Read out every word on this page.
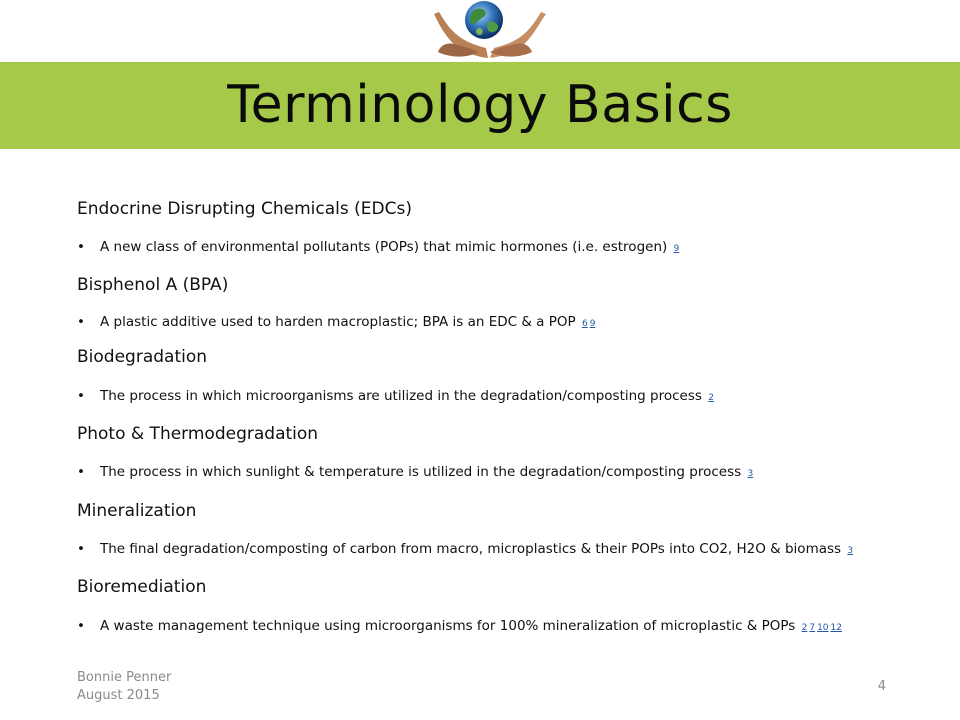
Terminology Basics
Endocrine Disrupting Chemicals (EDCs)
• A new class of environmental pollutants (POPs) that mimic hormones (i.e. estrogen) 9
Bisphenol A (BPA)
• A plastic additive used to harden macroplastic; BPA is an EDC & a POP 6 9
Biodegradation
• The process in which microorganisms are utilized in the degradation/composting process 2
Photo & Thermodegradation
• The process in which sunlight & temperature is utilized in the degradation/composting process 3
Mineralization
• The final degradation/composting of carbon from macro, microplastics & their POPs into CO2, H2O & biomass 3
Bioremediation
• A waste management technique using microorganisms for 100% mineralization of microplastic & POPs 2 7 10 12
Bonnie Penner
August 2015
4
